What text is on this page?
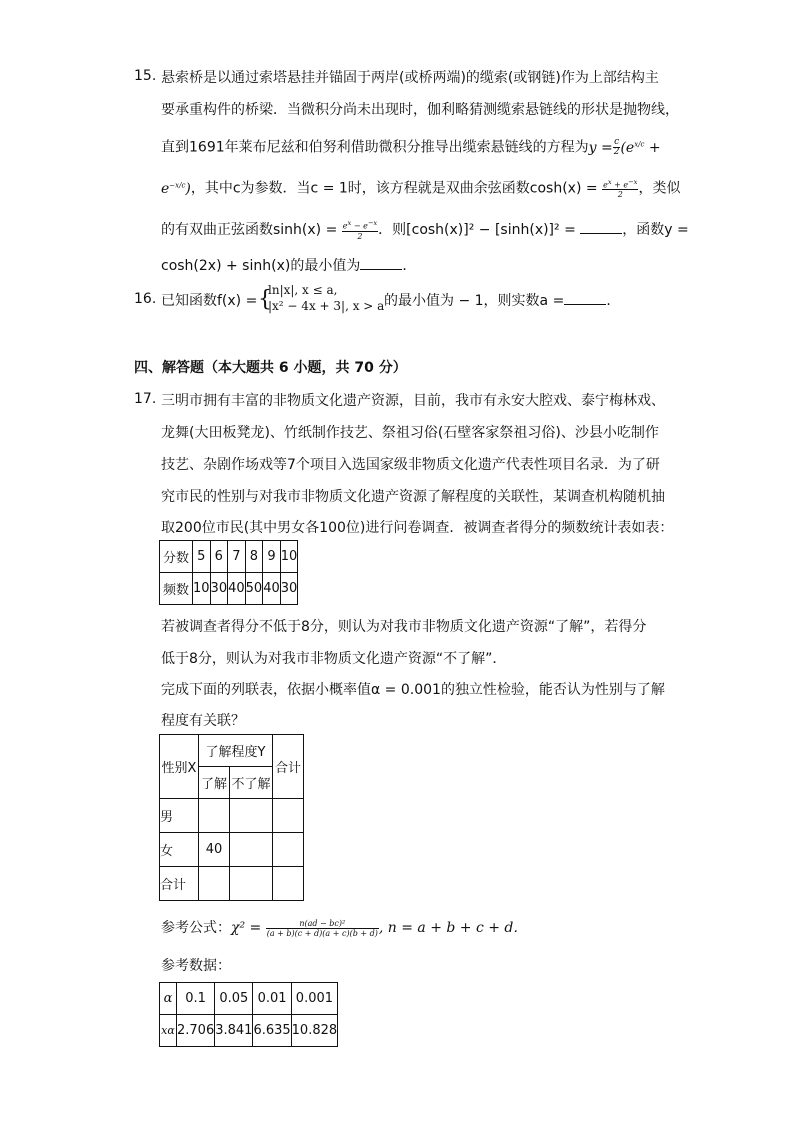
15. 悬索桥是以通过索塔悬挂并锚固于两岸(或桥两端)的缆索(或钢链)作为上部结构主
要承重构件的桥梁．当微积分尚未出现时，伽利略猜测缆索悬链线的形状是抛物线，
直到1691年莱布尼兹和伯努利借助微积分推导出缆索悬链线的方程为$y = \frac{c}{2} (e^{x/c}$ +
$e^{-x/c}$)，其中c为参数．当c = 1时，该方程就是双曲余弦函数$\cosh(x) = \frac{e^x + e^{-x}}{2}$ ，类似
的有双曲正弦函数$\sinh(x) = \frac{e^x - e^{-x}}{2}$ ．则[cosh(x)]² − [sinh(x)]² =	，函数y =
cosh(2x) + sinh(x)的最小值为	．
16. 已知函数f(x) = {
ln|x|, x ≤ a,
|x² − 4x + 3|, x > a 的最小值为 − 1，则实数a =	．
四、解答题（本大题共 6 小题，共 70 分）
17. 三明市拥有丰富的非物质文化遗产资源，目前，我市有永安大腔戏、泰宁梅林戏、
龙舞(大田板凳龙)、竹纸制作技艺、祭祖习俗(石壁客家祭祖习俗)、沙县小吃制作
技艺、杂剧作场戏等7个项目入选国家级非物质文化遗产代表性项目名录．为了研
究市民的性别与对我市非物质文化遗产资源了解程度的关联性，某调查机构随机抽
取200位市民(其中男女各100位)进行问卷调查．被调查者得分的频数统计表如表：
分数	5	6	7	8	9	10
频数	10	30	40	50	40	30
若被调查者得分不低于8分，则认为对我市非物质文化遗产资源“了解”，若得分
低于8分，则认为对我市非物质文化遗产资源“不了解”．
完成下面的列联表，依据小概率值α = 0.001的独立性检验，能否认为性别与了解
程度有关联？
性别X	了解程度Y		合计
	了解	不了解	
男			
女	40		
合计			
参考公式：$\chi^2 = \frac{\text{n(ad − bc)²}}{(a + b)(c + d)(a + c)(b + d)}$ , n = a + b + c + d．
参考数据：
α	0.1	0.05	0.01	0.001
xα	2.706	3.841	6.635	10.828
